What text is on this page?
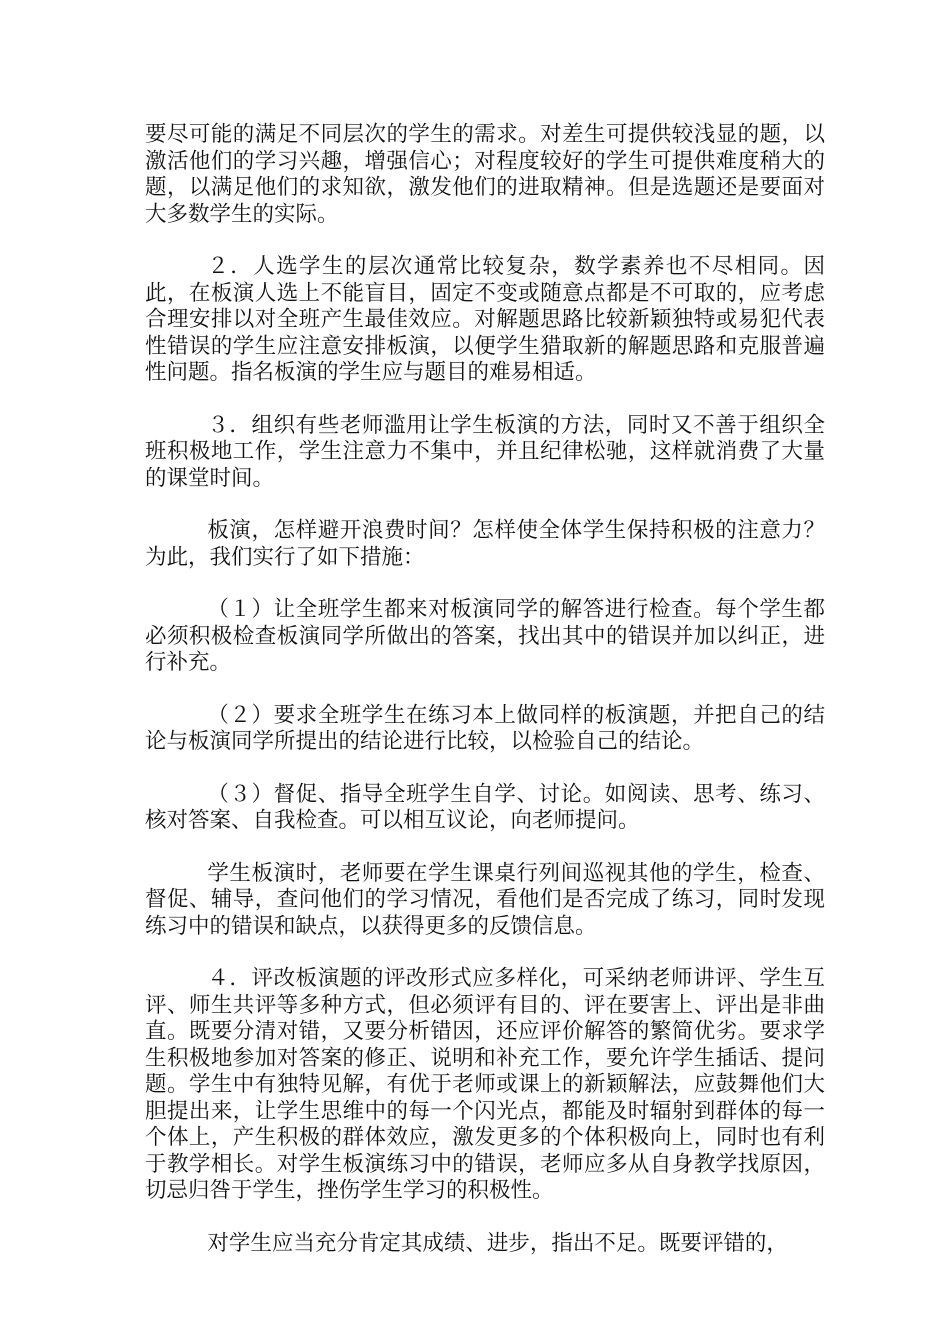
要尽可能的满足不同层次的学生的需求。对差生可提供较浅显的题，以激活他们的学习兴趣，增强信心；对程度较好的学生可提供难度稍大的题，以满足他们的求知欲，激发他们的进取精神。但是选题还是要面对大多数学生的实际。

２．人选学生的层次通常比较复杂，数学素养也不尽相同。因此，在板演人选上不能盲目，固定不变或随意点都是不可取的，应考虑合理安排以对全班产生最佳效应。对解题思路比较新颖独特或易犯代表性错误的学生应注意安排板演，以便学生猎取新的解题思路和克服普遍性问题。指名板演的学生应与题目的难易相适。

３．组织有些老师滥用让学生板演的方法，同时又不善于组织全班积极地工作，学生注意力不集中，并且纪律松驰，这样就消费了大量的课堂时间。

板演，怎样避开浪费时间？怎样使全体学生保持积极的注意力？为此，我们实行了如下措施：

（１）让全班学生都来对板演同学的解答进行检查。每个学生都必须积极检查板演同学所做出的答案，找出其中的错误并加以纠正，进行补充。

（２）要求全班学生在练习本上做同样的板演题，并把自己的结论与板演同学所提出的结论进行比较，以检验自己的结论。

（３）督促、指导全班学生自学、讨论。如阅读、思考、练习、核对答案、自我检查。可以相互议论，向老师提问。

学生板演时，老师要在学生课桌行列间巡视其他的学生，检查、督促、辅导，查问他们的学习情况，看他们是否完成了练习，同时发现练习中的错误和缺点，以获得更多的反馈信息。

４．评改板演题的评改形式应多样化，可采纳老师讲评、学生互评、师生共评等多种方式，但必须评有目的、评在要害上、评出是非曲直。既要分清对错，又要分析错因，还应评价解答的繁简优劣。要求学生积极地参加对答案的修正、说明和补充工作，要允许学生插话、提问题。学生中有独特见解，有优于老师或课上的新颖解法，应鼓舞他们大胆提出来，让学生思维中的每一个闪光点，都能及时辐射到群体的每一个体上，产生积极的群体效应，激发更多的个体积极向上，同时也有利于教学相长。对学生板演练习中的错误，老师应多从自身教学找原因，切忌归咎于学生，挫伤学生学习的积极性。

对学生应当充分肯定其成绩、进步，指出不足。既要评错的，
